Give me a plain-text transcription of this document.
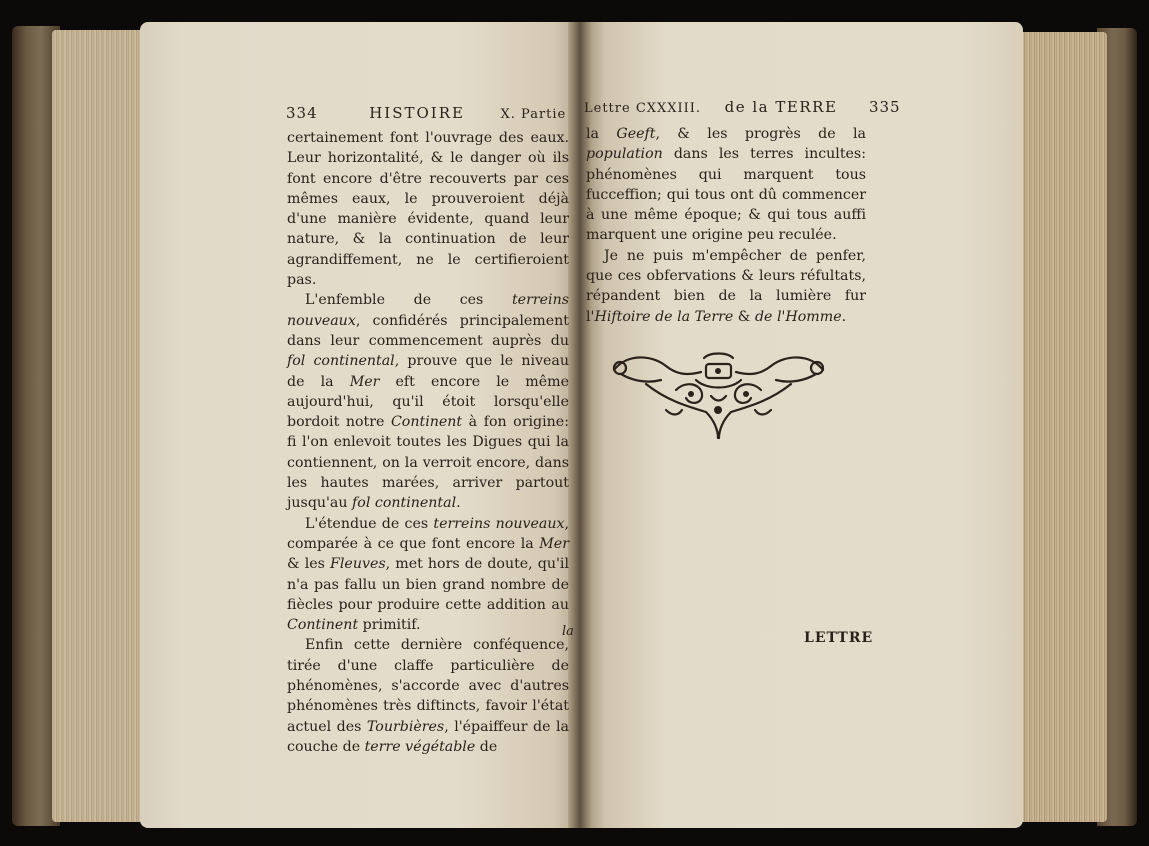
334	HISTOIRE	X. Partie

certainement font l'ouvrage des eaux. Leur horizontalité, & le danger où ils font encore d'être recouverts par ces mêmes eaux, le prouveroient déjà d'une manière évidente, quand leur nature, & la continuation de leur agrandiffement, ne le certifieroient pas.

L'enfemble de ces terreins nouveaux, confidérés principalement dans leur commencement auprès du fol continental, prouve que le niveau de la Mer eft encore le même aujourd'hui, qu'il étoit lorsqu'elle bordoit notre Continent à fon origine: fi l'on enlevoit toutes les Digues qui la contiennent, on la verroit encore, dans les hautes marées, arriver partout jusqu'au fol continental.

L'étendue de ces terreins nouveaux, comparée à ce que font encore la Mer & les Fleuves, met hors de doute, qu'il n'a pas fallu un bien grand nombre de fiècles pour produire cette addition au Continent primitif.

Enfin cette dernière conféquence, tirée d'une claffe particulière de phénomènes, s'accorde avec d'autres phénomènes très diftincts, favoir l'état actuel des Tourbières, l'épaiffeur de la couche de terre végétable de

la
Lettre CXXXIII. de la TERRE 335

la Geeft, & les progrès de la population dans les terres incultes: phénomènes qui marquent tous fucceffion; qui tous ont dû commencer à une même époque; & qui tous auffi marquent une origine peu reculée.

Je ne puis m'empêcher de penfer, que ces obfervations & leurs réfultats, répandent bien de la lumière fur l'Hiftoire de la Terre & de l'Homme.

LETTRE
